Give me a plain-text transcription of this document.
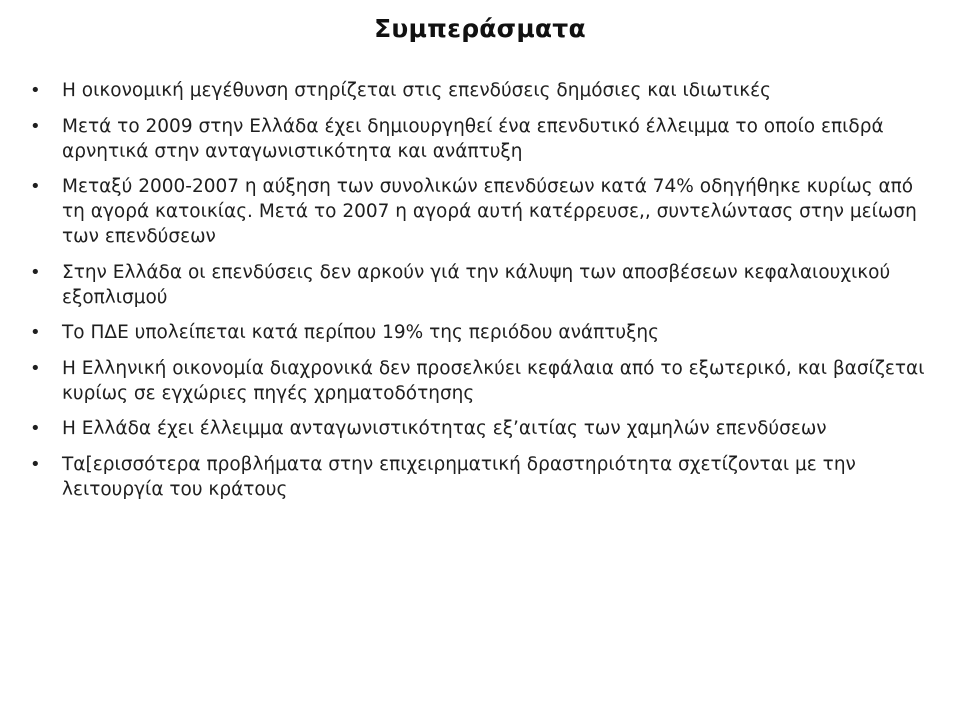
Συμπεράσματα
• Η οικονομική μεγέθυνση στηρίζεται στις επενδύσεις δημόσιες και ιδιωτικές
• Μετά το 2009 στην Ελλάδα έχει δημιουργηθεί ένα επενδυτικό έλλειμμα το οποίο επιδρά αρνητικά στην ανταγωνιστικότητα και ανάπτυξη
• Μεταξύ 2000-2007 η αύξηση των συνολικών επενδύσεων κατά 74% οδηγήθηκε κυρίως από τη αγορά κατοικίας. Μετά το 2007 η αγορά αυτή κατέρρευσε,, συντελώντασς στην μείωση των επενδύσεων
• Στην Ελλάδα οι επενδύσεις δεν αρκούν γιά την κάλυψη των αποσβέσεων κεφαλαιουχικού εξοπλισμού
• Το ΠΔΕ υπολείπεται κατά περίπου 19% της περιόδου ανάπτυξης
• Η Ελληνική οικονομία διαχρονικά δεν προσελκύει κεφάλαια από το εξωτερικό, και βασίζεται κυρίως σε εγχώριες πηγές χρηματοδότησης
• Η Ελλάδα έχει έλλειμμα ανταγωνιστικότητας εξ’αιτίας των χαμηλών επενδύσεων
• Τα[ερισσότερα προβλήματα στην επιχειρηματική δραστηριότητα σχετίζονται με την λειτουργία του κράτους
